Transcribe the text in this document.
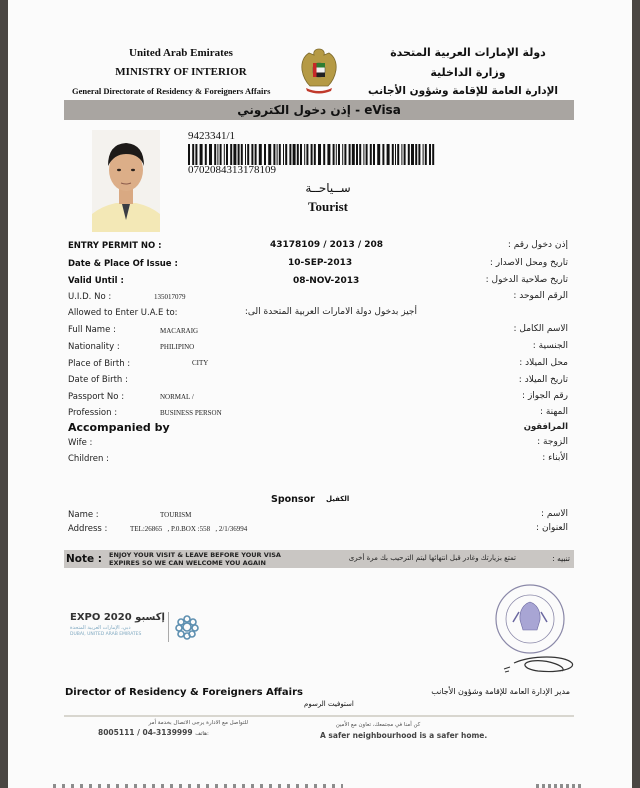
United Arab Emirates
MINISTRY OF INTERIOR
General Directorate of Residency & Foreigners Affairs
دولة الإمارات العربية المتحدة
وزارة الداخلية
الإدارة العامة للإقامة وشؤون الأجانب
إذن دخول الكتروني - eVisa
9423341/1
0702084313178109
ســياحــة
Tourist
ENTRY PERMIT NO :	43178109 / 2013 / 208	إذن دخول رقم :
Date & Place Of Issue :	10-SEP-2013	تاريخ ومحل الاصدار :
Valid Until :	08-NOV-2013	تاريخ صلاحية الدخول :
U.I.D. No :	135017079	الرقم الموحد :
Allowed to Enter U.A.E to:	أجيز بدخول دولة الامارات العربية المتحدة الى:
Full Name :	MACARAIG	الاسم الكامل :
Nationality :	PHILIPINO	الجنسية :
Place of Birth :	CITY	محل الميلاد :
Date of Birth :	تاريخ الميلاد :
Passport No :	NORMAL /	رقم الجواز :
Profession :	BUSINESS PERSON	المهنة :
Accompanied by	المرافقون
Wife :	الزوجة :
Children :	الأبناء :
Sponsor الكفيل
Name :	TOURISM	الاسم :
Address :	TEL:26865   , P.0.BOX :558   , 2/1/36994	العنوان :
Note : ENJOY YOUR VISIT & LEAVE BEFORE YOUR VISA
EXPIRES SO WE CAN WELCOME YOU AGAIN
تمتع بزيارتك وغادر قبل انتهائها ليتم الترحيب بك مرة أخرى	تنبيه :
EXPO 2020 إكسبو
دبي، الإمارات العربية المتحدة
DUBAI, UNITED ARAB EMIRATES
Director of Residency & Foreigners Affairs	مدير الإدارة العامة للإقامة وشؤون الأجانب
استوفيت الرسوم
للتواصل مع الادارة يرجى الاتصال بخدمة أمر
8005111 / 04-3139999 هاتف:
كن آمنا في مجتمعك، تعاون مع الأمين
A safer neighbourhood is a safer home.
